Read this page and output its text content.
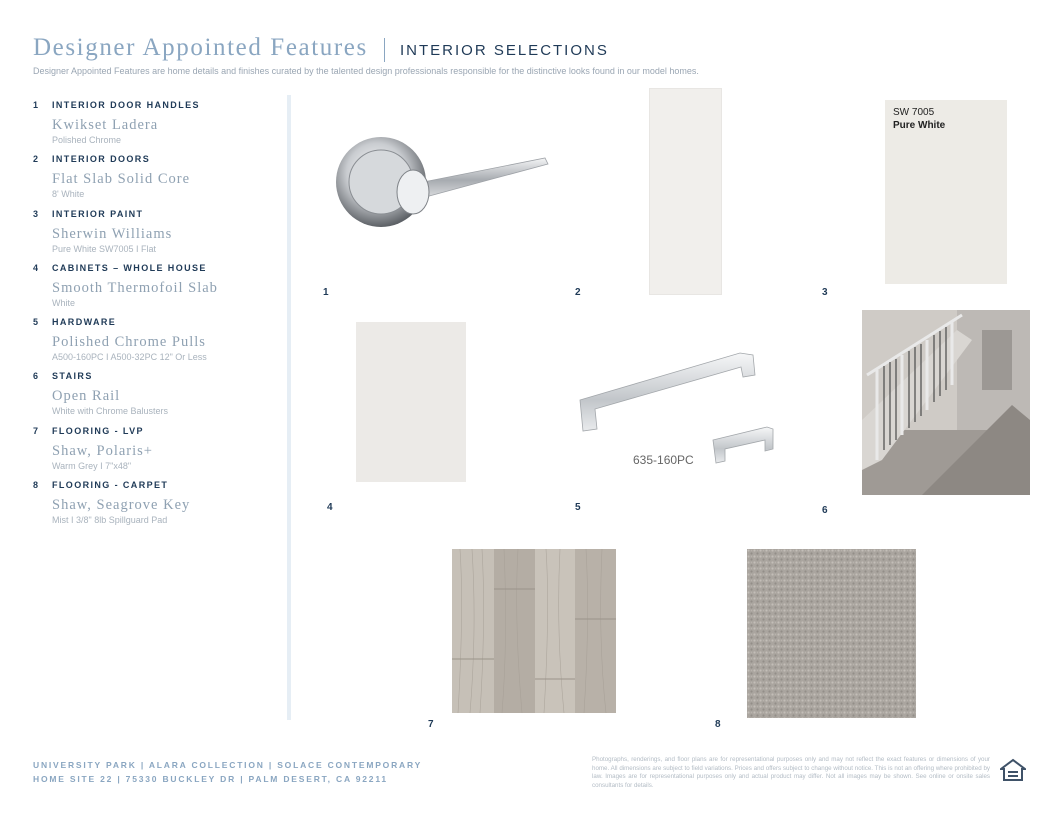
Designer Appointed Features INTERIOR SELECTIONS
Designer Appointed Features are home details and finishes curated by the talented design professionals responsible for the distinctive looks found in our model homes.
1	INTERIOR DOOR HANDLES
Kwikset Ladera
Polished Chrome
2	INTERIOR DOORS
Flat Slab Solid Core
8' White
3	INTERIOR PAINT
Sherwin Williams
Pure White SW7005 I Flat
4	CABINETS – WHOLE HOUSE
Smooth Thermofoil Slab
White
5	HARDWARE
Polished Chrome Pulls
A500-160PC I A500-32PC 12" Or Less
6	STAIRS
Open Rail
White with Chrome Balusters
7	FLOORING - LVP
Shaw, Polaris+
Warm Grey I 7"x48"
8	FLOORING - CARPET
Shaw, Seagrove Key
Mist I 3/8" 8lb Spillguard Pad
1	2
SW 7005
Pure White
3
4
635-160PC
5	6
7	8
UNIVERSITY PARK | ALARA COLLECTION | SOLACE CONTEMPORARY
HOME SITE 22 | 75330 BUCKLEY DR | PALM DESERT, CA 92211
Photographs, renderings, and floor plans are for representational purposes only and may not reflect the exact features or dimensions of your home. All dimensions are subject to field variations. Prices and offers subject to change without notice. This is not an offering where prohibited by law. Images are for representational purposes only and actual product may differ. Not all images may be shown. See online or onsite sales consultants for details.
